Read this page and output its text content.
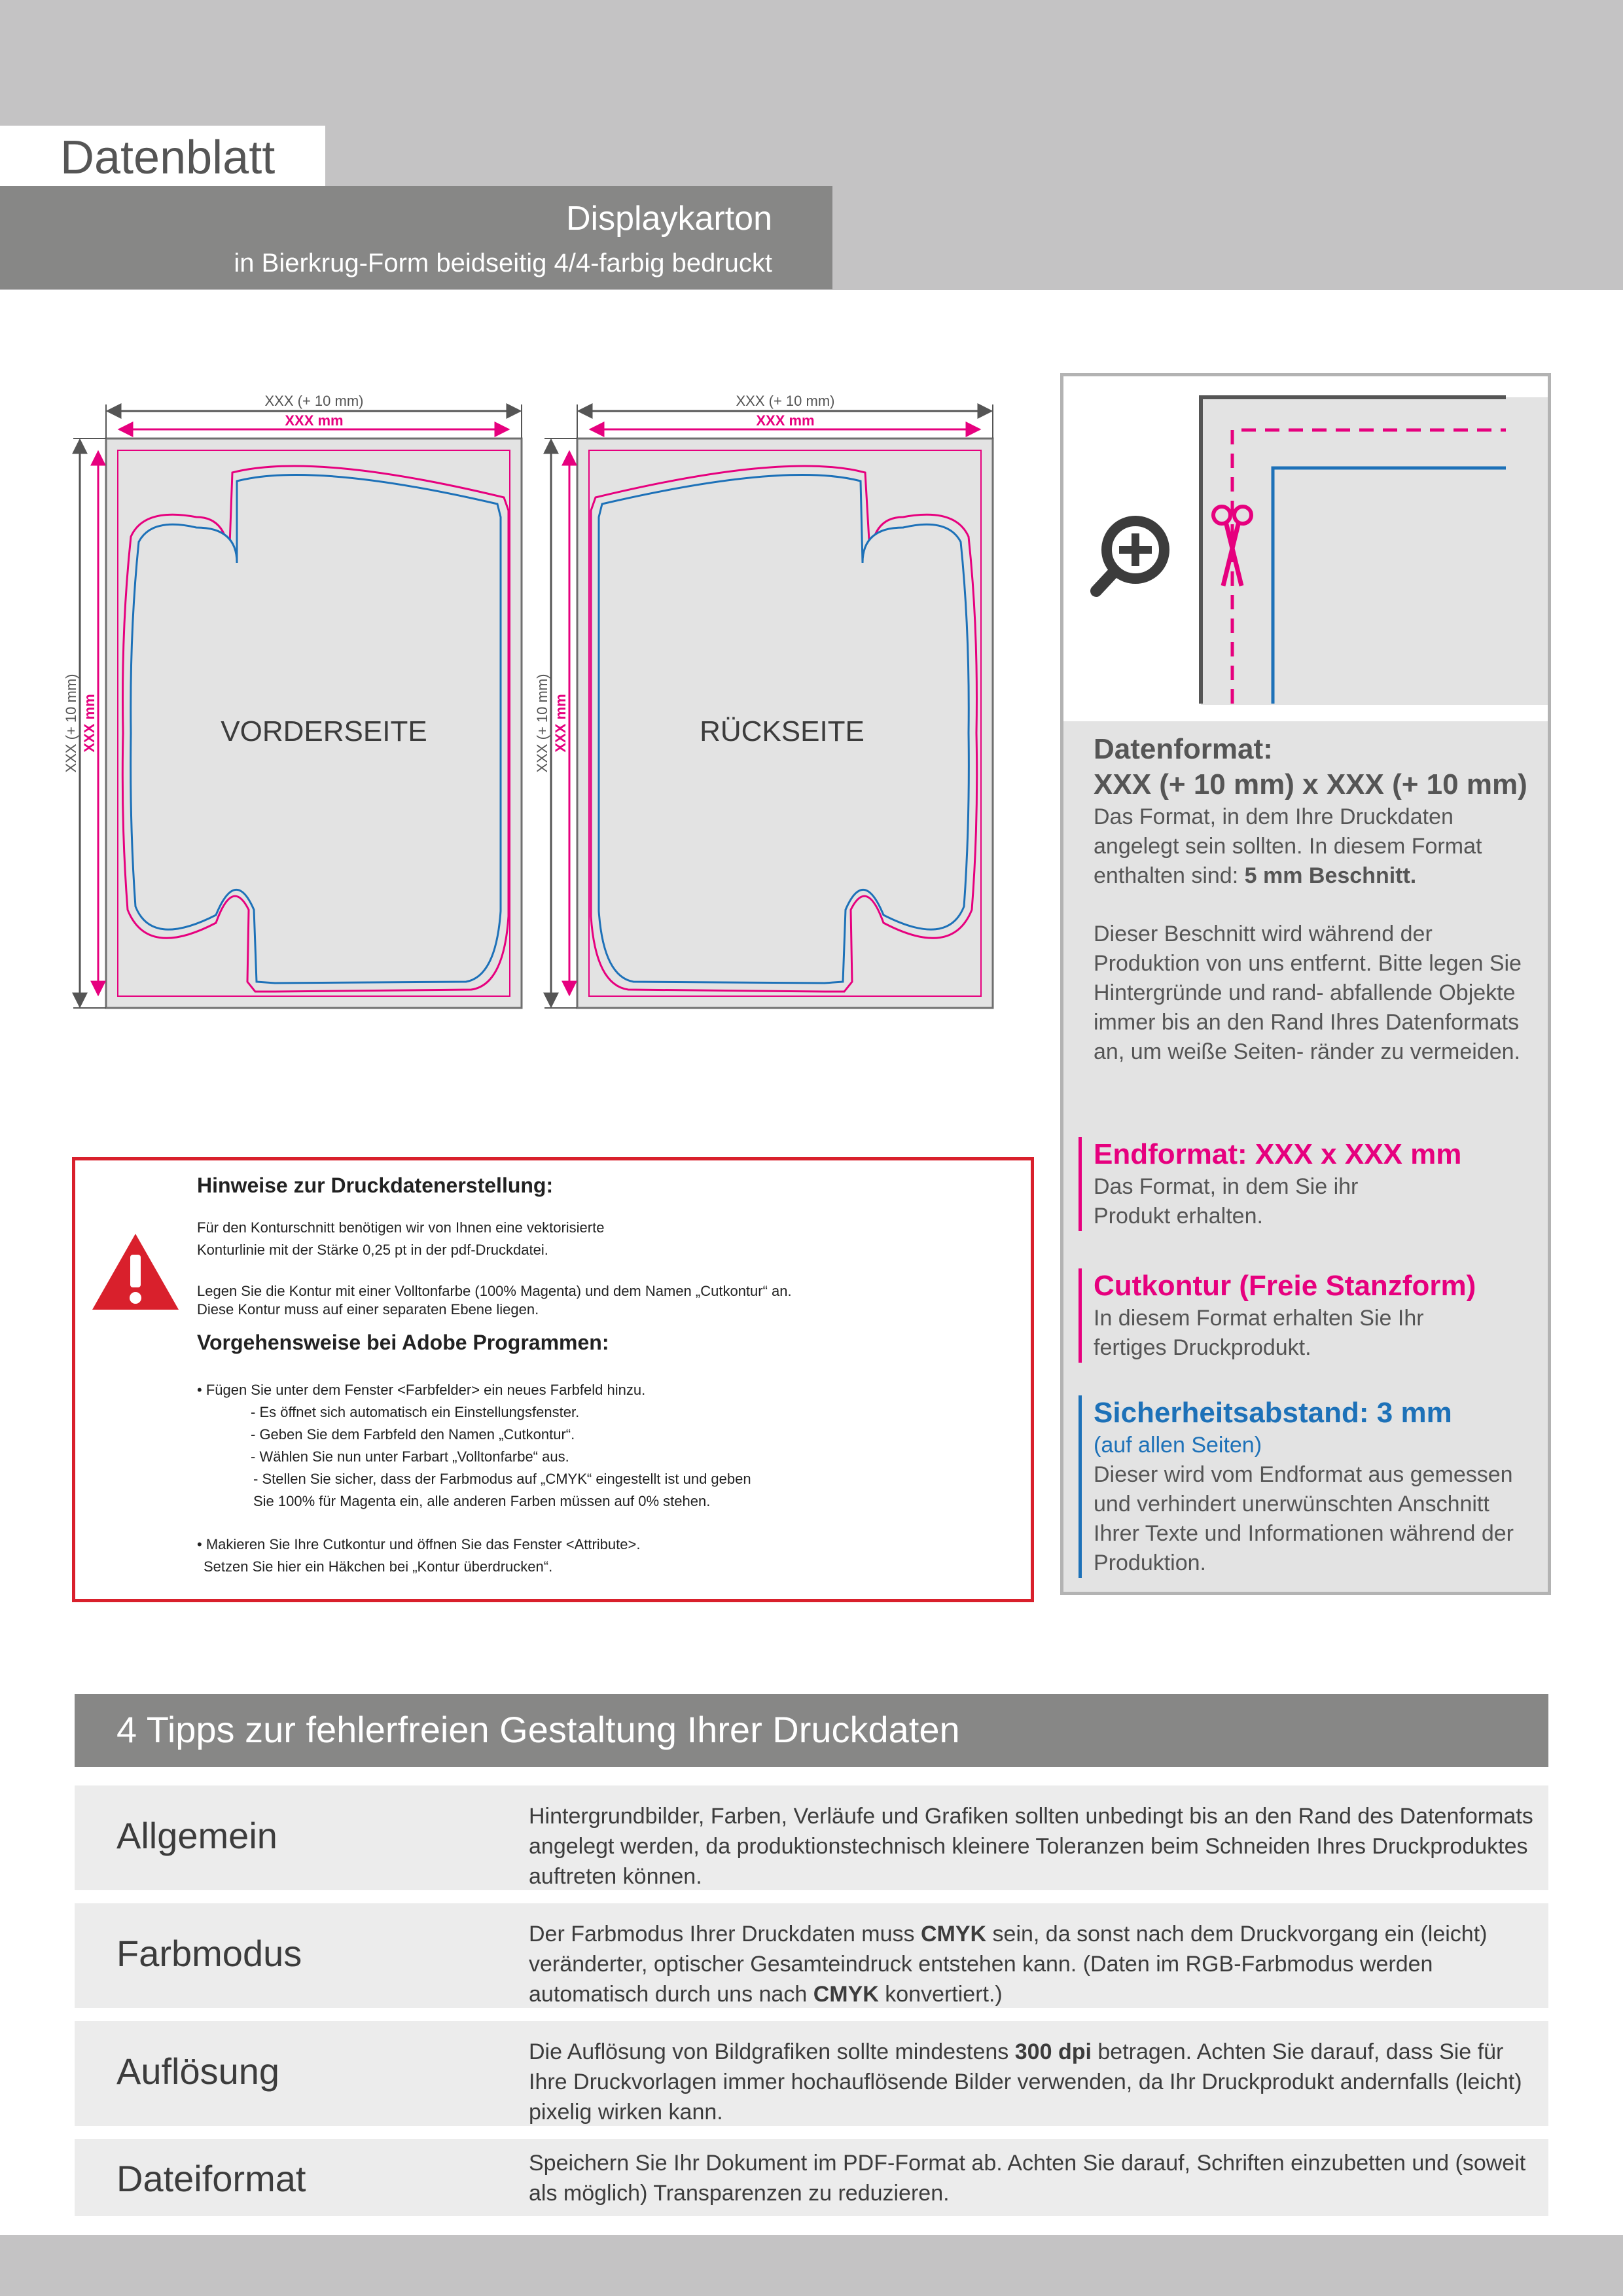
Datenblatt
Displaykarton
in Bierkrug-Form beidseitig 4/4-farbig bedruckt
VORDERSEITE
XXX (+ 10 mm)
XXX mm
XXX (+ 10 mm) XXX mm	RÜCKSEITE
XXX (+ 10 mm)
XXX mm
XXX (+ 10 mm) XXX mm	Datenformat:
XXX (+ 10 mm) x XXX (+ 10 mm)
Das Format, in dem Ihre Druckdaten angelegt sein sollten. In diesem Format enthalten sind: 5 mm Beschnitt.
Dieser Beschnitt wird während der Produktion von uns entfernt. Bitte legen Sie Hintergründe und rand- abfallende Objekte immer bis an den Rand Ihres Datenformats an, um weiße Seiten- ränder zu vermeiden.
Endformat: XXX x XXX mm
Das Format, in dem Sie ihr Produkt erhalten.
Cutkontur (Freie Stanzform)
In diesem Format erhalten Sie Ihr fertiges Druckprodukt.
Sicherheitsabstand: 3 mm
(auf allen Seiten)
Dieser wird vom Endformat aus gemessen und verhindert unerwünschten Anschnitt Ihrer Texte und Informationen während der Produktion.
Hinweise zur Druckdatenerstellung:
Für den Konturschnitt benötigen wir von Ihnen eine vektorisierte
Konturlinie mit der Stärke 0,25 pt in der pdf-Druckdatei.
Legen Sie die Kontur mit einer Volltonfarbe (100% Magenta) und dem Namen „Cutkontur“ an.
Diese Kontur muss auf einer separaten Ebene liegen.
Vorgehensweise bei Adobe Programmen:
• Fügen Sie unter dem Fenster <Farbfelder> ein neues Farbfeld hinzu.
- Es öffnet sich automatisch ein Einstellungsfenster.
- Geben Sie dem Farbfeld den Namen „Cutkontur“.
- Wählen Sie nun unter Farbart „Volltonfarbe“ aus.
- Stellen Sie sicher, dass der Farbmodus auf „CMYK“ eingestellt ist und geben
Sie 100% für Magenta ein, alle anderen Farben müssen auf 0% stehen.
• Makieren Sie Ihre Cutkontur und öffnen Sie das Fenster <Attribute>.
Setzen Sie hier ein Häkchen bei „Kontur überdrucken“.
4 Tipps zur fehlerfreien Gestaltung Ihrer Druckdaten
Allgemein	Hintergrundbilder, Farben, Verläufe und Grafiken sollten unbedingt bis an den Rand des Datenformats angelegt werden, da produktionstechnisch kleinere Toleranzen beim Schneiden Ihres Druckproduktes auftreten können.
Farbmodus	Der Farbmodus Ihrer Druckdaten muss CMYK sein, da sonst nach dem Druckvorgang ein (leicht) veränderter, optischer Gesamteindruck entstehen kann. (Daten im RGB-Farbmodus werden automatisch durch uns nach CMYK konvertiert.)
Auflösung	Die Auflösung von Bildgrafiken sollte mindestens 300 dpi betragen. Achten Sie darauf, dass Sie für Ihre Druckvorlagen immer hochauflösende Bilder verwenden, da Ihr Druckprodukt andernfalls (leicht) pixelig wirken kann.
Dateiformat	Speichern Sie Ihr Dokument im PDF-Format ab. Achten Sie darauf, Schriften einzubetten und (soweit als möglich) Transparenzen zu reduzieren.
